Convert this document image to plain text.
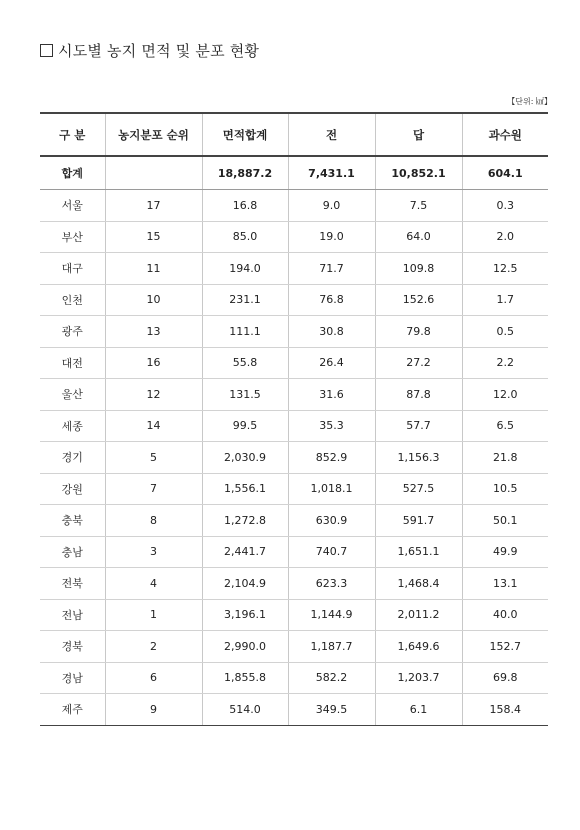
시도별 농지 면적 및 분포 현황
【단위: ㎢】
구 분	농지분포 순위	면적합계	전	답	과수원
합계		18,887.2	7,431.1	10,852.1	604.1
서울	17	16.8	9.0	7.5	0.3
부산	15	85.0	19.0	64.0	2.0
대구	11	194.0	71.7	109.8	12.5
인천	10	231.1	76.8	152.6	1.7
광주	13	111.1	30.8	79.8	0.5
대전	16	55.8	26.4	27.2	2.2
울산	12	131.5	31.6	87.8	12.0
세종	14	99.5	35.3	57.7	6.5
경기	5	2,030.9	852.9	1,156.3	21.8
강원	7	1,556.1	1,018.1	527.5	10.5
충북	8	1,272.8	630.9	591.7	50.1
충남	3	2,441.7	740.7	1,651.1	49.9
전북	4	2,104.9	623.3	1,468.4	13.1
전남	1	3,196.1	1,144.9	2,011.2	40.0
경북	2	2,990.0	1,187.7	1,649.6	152.7
경남	6	1,855.8	582.2	1,203.7	69.8
제주	9	514.0	349.5	6.1	158.4
